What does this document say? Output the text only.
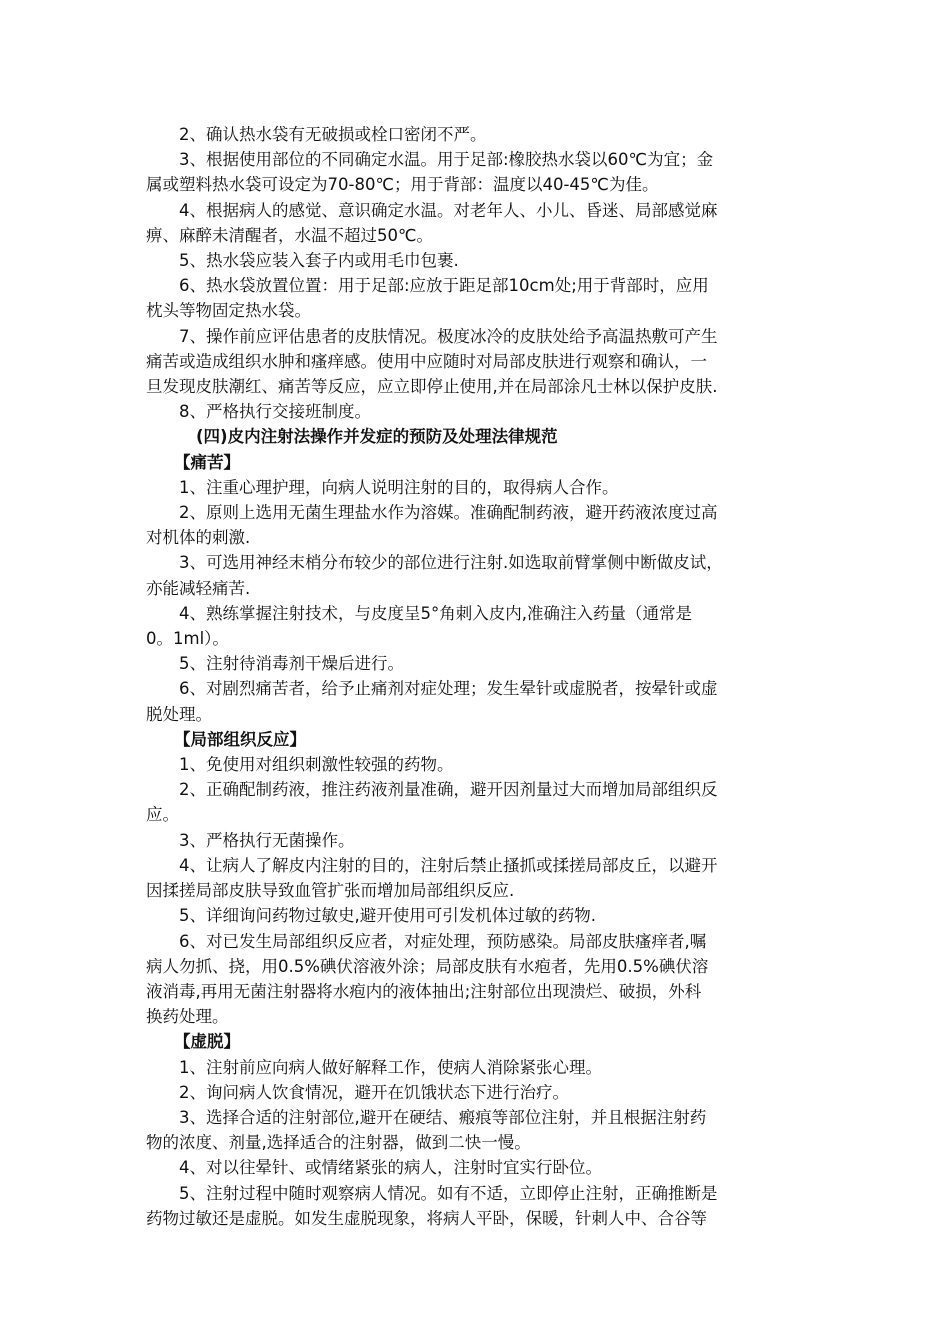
2、确认热水袋有无破损或栓口密闭不严。
3、根据使用部位的不同确定水温。用于足部:橡胶热水袋以60℃为宜；金
属或塑料热水袋可设定为70-80℃；用于背部：温度以40-45℃为佳。
4、根据病人的感觉、意识确定水温。对老年人、小儿、昏迷、局部感觉麻
痹、麻醉未清醒者，水温不超过50℃。
5、热水袋应装入套子内或用毛巾包裹.
6、热水袋放置位置：用于足部:应放于距足部10cm处;用于背部时，应用
枕头等物固定热水袋。
7、操作前应评估患者的皮肤情况。极度冰冷的皮肤处给予高温热敷可产生
痛苦或造成组织水肿和瘙痒感。使用中应随时对局部皮肤进行观察和确认，一
旦发现皮肤潮红、痛苦等反应，应立即停止使用,并在局部涂凡士林以保护皮肤.
8、严格执行交接班制度。
(四)皮内注射法操作并发症的预防及处理法律规范
【痛苦】
1、注重心理护理，向病人说明注射的目的，取得病人合作。
2、原则上选用无菌生理盐水作为溶媒。准确配制药液，避开药液浓度过高
对机体的刺激.
3、可选用神经末梢分布较少的部位进行注射.如选取前臂掌侧中断做皮试，
亦能减轻痛苦.
4、熟练掌握注射技术，与皮度呈5°角刺入皮内,准确注入药量（通常是
0。1ml）。
5、注射待消毒剂干燥后进行。
6、对剧烈痛苦者，给予止痛剂对症处理；发生晕针或虚脱者，按晕针或虚
脱处理。
【局部组织反应】
1、免使用对组织刺激性较强的药物。
2、正确配制药液，推注药液剂量准确，避开因剂量过大而增加局部组织反
应。
3、严格执行无菌操作。
4、让病人了解皮内注射的目的，注射后禁止搔抓或揉搓局部皮丘，以避开
因揉搓局部皮肤导致血管扩张而增加局部组织反应.
5、详细询问药物过敏史,避开使用可引发机体过敏的药物.
6、对已发生局部组织反应者，对症处理，预防感染。局部皮肤瘙痒者,嘱
病人勿抓、挠，用0.5%碘伏溶液外涂；局部皮肤有水疱者，先用0.5%碘伏溶
液消毒,再用无菌注射器将水疱内的液体抽出;注射部位出现溃烂、破损，外科
换药处理。
【虚脱】
1、注射前应向病人做好解释工作，使病人消除紧张心理。
2、询问病人饮食情况，避开在饥饿状态下进行治疗。
3、选择合适的注射部位,避开在硬结、瘢痕等部位注射，并且根据注射药
物的浓度、剂量,选择适合的注射器，做到二快一慢。
4、对以往晕针、或情绪紧张的病人，注射时宜实行卧位。
5、注射过程中随时观察病人情况。如有不适，立即停止注射，正确推断是
药物过敏还是虚脱。如发生虚脱现象，将病人平卧，保暖，针刺人中、合谷等
